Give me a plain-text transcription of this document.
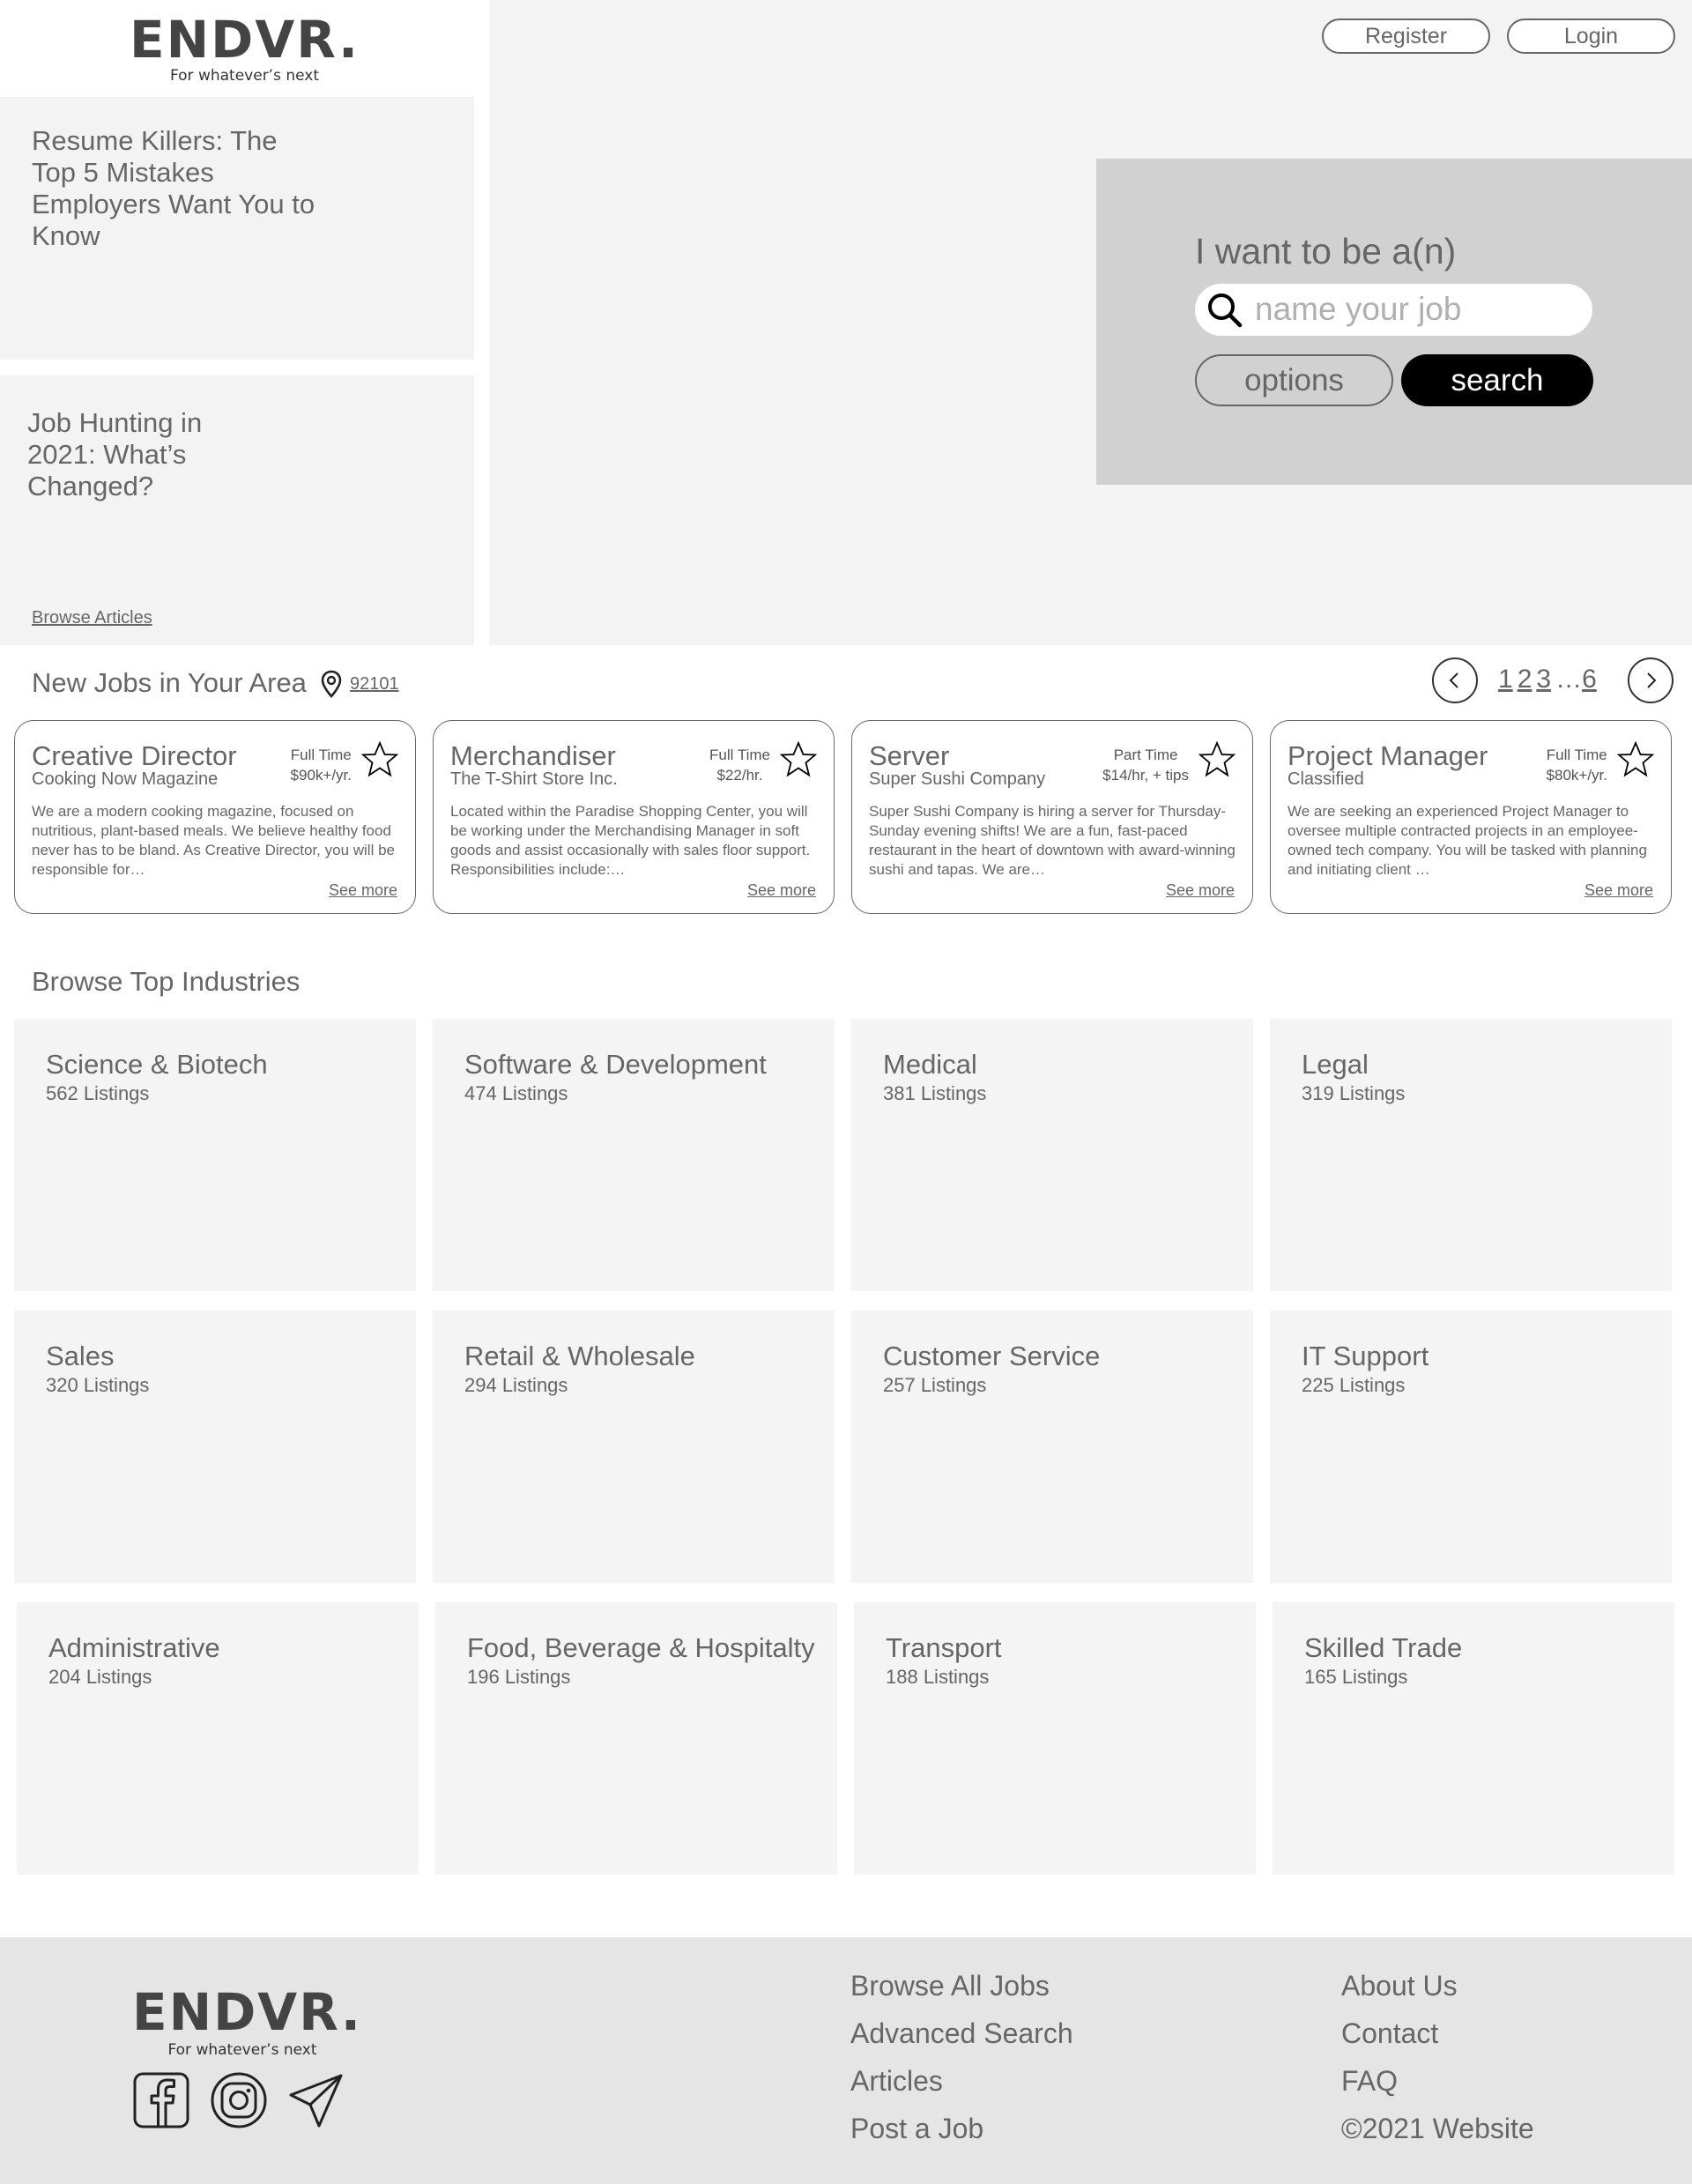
ENDVR.
For whatever’s next
Resume Killers: The Top 5 Mistakes Employers Want You to Know
Job Hunting in 2021: What’s Changed?
Browse Articles
Register	Login
I want to be a(n)
name your job
options	search
New Jobs in Your Area 92101	1 2 3 …6
Creative Director
Cooking Now Magazine
Full Time
$90k+/yr.
We are a modern cooking magazine, focused on nutritious, plant-based meals. We believe healthy food never has to be bland. As Creative Director, you will be responsible for…
See more
Merchandiser
The T-Shirt Store Inc.
Full Time
$22/hr.
Located within the Paradise Shopping Center, you will be working under the Merchandising Manager in soft goods and assist occasionally with sales floor support. Responsibilities include:…
See more
Server
Super Sushi Company
Part Time
$14/hr, + tips
Super Sushi Company is hiring a server for Thursday-Sunday evening shifts! We are a fun, fast-paced restaurant in the heart of downtown with award-winning sushi and tapas. We are…
See more
Project Manager
Classified
Full Time
$80k+/yr.
We are seeking an experienced Project Manager to oversee multiple contracted projects in an employee-owned tech company. You will be tasked with planning and initiating client …
See more
Browse Top Industries
Science & Biotech
562 Listings
Software & Development
474 Listings
Medical
381 Listings
Legal
319 Listings
Sales
320 Listings
Retail & Wholesale
294 Listings
Customer Service
257 Listings
IT Support
225 Listings
Administrative
204 Listings
Food, Beverage & Hospitalty
196 Listings
Transport
188 Listings
Skilled Trade
165 Listings
ENDVR.
For whatever’s next
Browse All Jobs
Advanced Search
Articles
Post a Job
About Us
Contact
FAQ
©2021 Website
